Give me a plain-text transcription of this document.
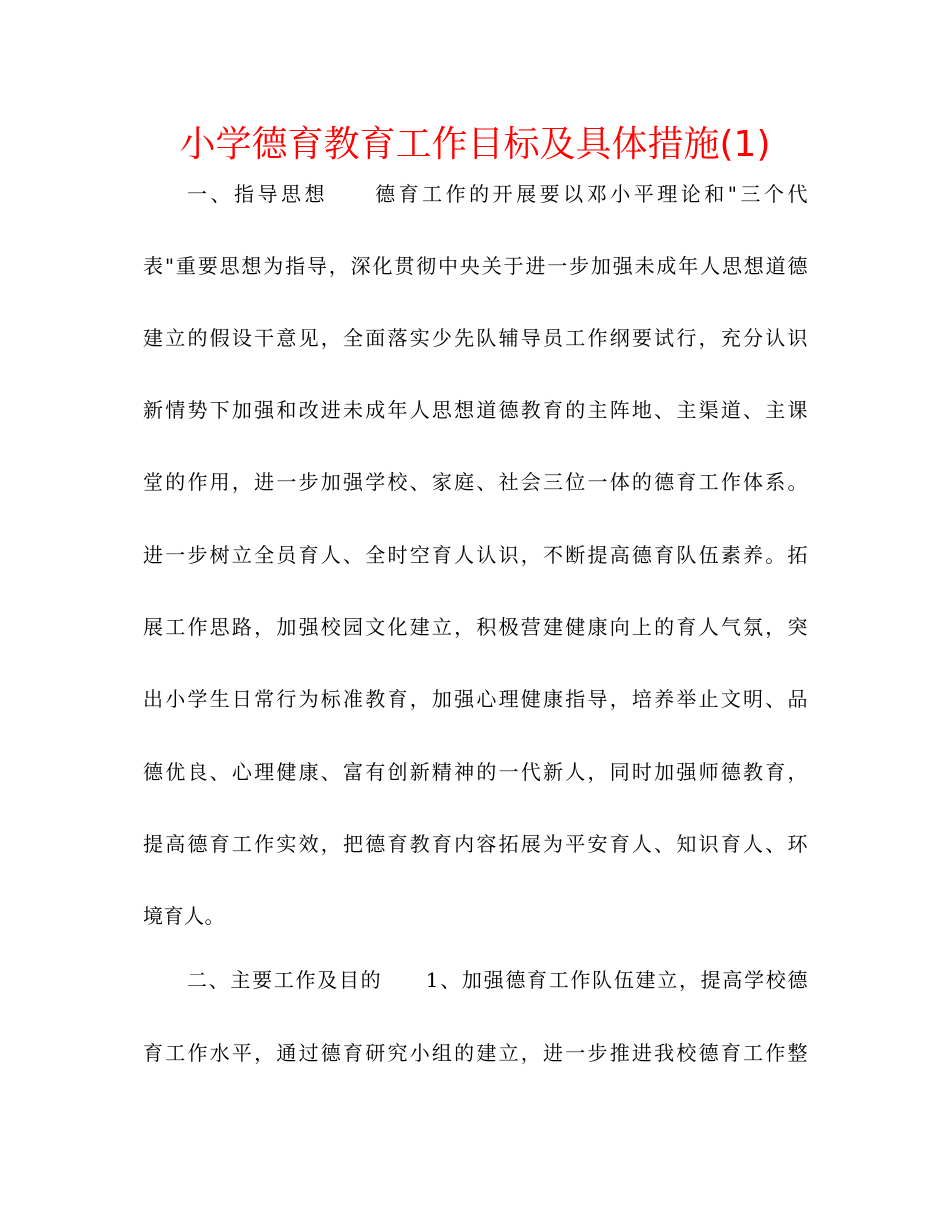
小学德育教育工作目标及具体措施(1)
一、指导思想　　德育工作的开展要以邓小平理论和"三个代
表"重要思想为指导，深化贯彻中央关于进一步加强未成年人思想道德
建立的假设干意见，全面落实少先队辅导员工作纲要试行，充分认识
新情势下加强和改进未成年人思想道德教育的主阵地、主渠道、主课
堂的作用，进一步加强学校、家庭、社会三位一体的德育工作体系。
进一步树立全员育人、全时空育人认识，不断提高德育队伍素养。拓
展工作思路，加强校园文化建立，积极营建健康向上的育人气氛，突
出小学生日常行为标准教育，加强心理健康指导，培养举止文明、品
德优良、心理健康、富有创新精神的一代新人，同时加强师德教育，
提高德育工作实效，把德育教育内容拓展为平安育人、知识育人、环
境育人。
二、主要工作及目的　　1、加强德育工作队伍建立，提高学校德
育工作水平，通过德育研究小组的建立，进一步推进我校德育工作整
